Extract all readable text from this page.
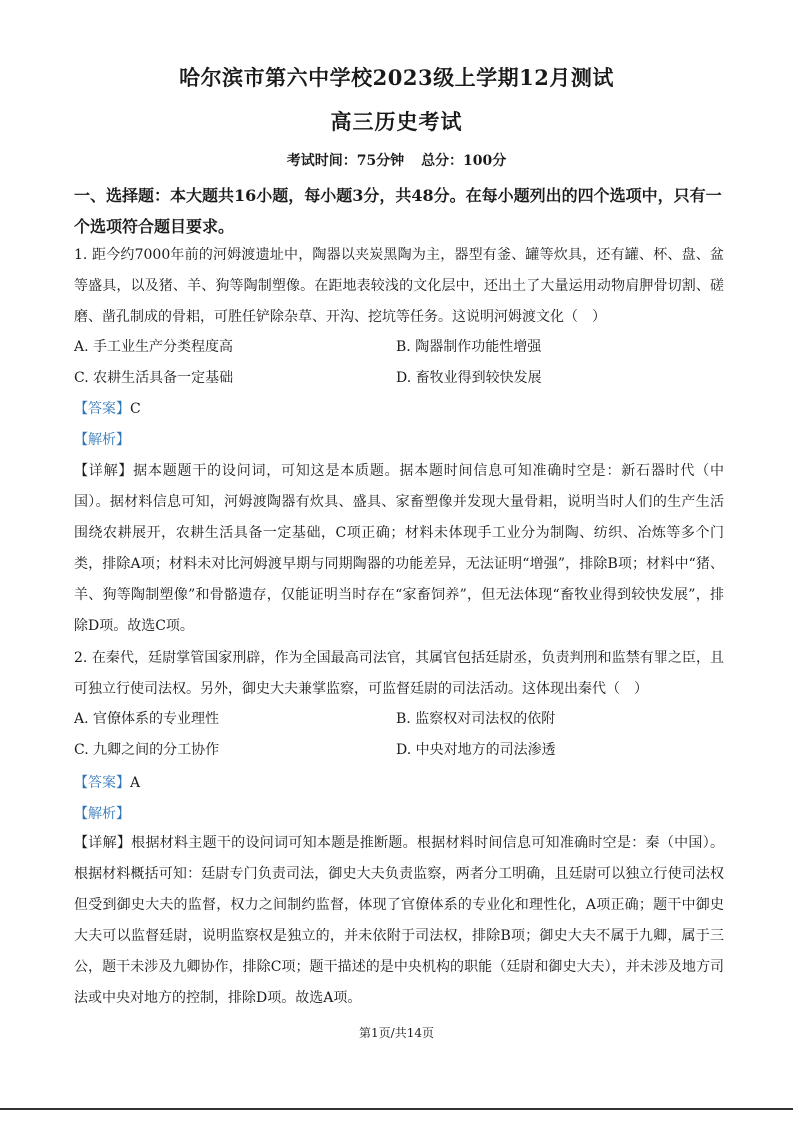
哈尔滨市第六中学校2023级上学期12月测试
高三历史考试
考试时间：75分钟 总分：100分
一、选择题：本大题共16小题，每小题3分，共48分。在每小题列出的四个选项中，只有一个选项符合题目要求。
1. 距今约7000年前的河姆渡遗址中，陶器以夹炭黑陶为主，器型有釜、罐等炊具，还有罐、杯、盘、盆等盛具，以及猪、羊、狗等陶制塑像。在距地表较浅的文化层中，还出土了大量运用动物肩胛骨切割、磋磨、凿孔制成的骨耜，可胜任铲除杂草、开沟、挖坑等任务。这说明河姆渡文化（　）
A. 手工业生产分类程度高	B. 陶器制作功能性增强
C. 农耕生活具备一定基础	D. 畜牧业得到较快发展
【答案】C
【解析】
【详解】据本题题干的设问词，可知这是本质题。据本题时间信息可知准确时空是：新石器时代（中国）。据材料信息可知，河姆渡陶器有炊具、盛具、家畜塑像并发现大量骨耜，说明当时人们的生产生活围绕农耕展开，农耕生活具备一定基础，C项正确；材料未体现手工业分为制陶、纺织、冶炼等多个门类，排除A项；材料未对比河姆渡早期与同期陶器的功能差异，无法证明“增强”，排除B项；材料中“猪、羊、狗等陶制塑像”和骨骼遗存，仅能证明当时存在“家畜饲养”，但无法体现“畜牧业得到较快发展”，排除D项。故选C项。
2. 在秦代，廷尉掌管国家刑辟，作为全国最高司法官，其属官包括廷尉丞，负责判刑和监禁有罪之臣，且可独立行使司法权。另外，御史大夫兼掌监察，可监督廷尉的司法活动。这体现出秦代（　）
A. 官僚体系的专业理性	B. 监察权对司法权的依附
C. 九卿之间的分工协作	D. 中央对地方的司法渗透
【答案】A
【解析】
【详解】根据材料主题干的设问词可知本题是推断题。根据材料时间信息可知准确时空是：秦（中国）。根据材料概括可知：廷尉专门负责司法，御史大夫负责监察，两者分工明确，且廷尉可以独立行使司法权但受到御史大夫的监督，权力之间制约监督，体现了官僚体系的专业化和理性化，A项正确；题干中御史大夫可以监督廷尉，说明监察权是独立的，并未依附于司法权，排除B项；御史大夫不属于九卿，属于三公，题干未涉及九卿协作，排除C项；题干描述的是中央机构的职能（廷尉和御史大夫），并未涉及地方司法或中央对地方的控制，排除D项。故选A项。
第1页/共14页
